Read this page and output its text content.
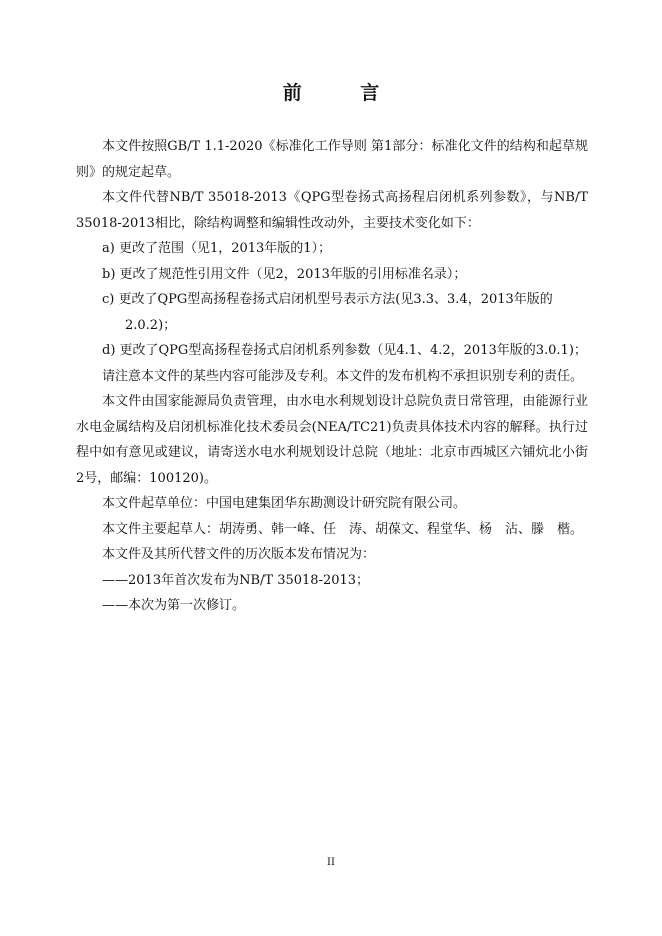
前 言

本文件按照GB/T 1.1-2020《标准化工作导则 第1部分：标准化文件的结构和起草规则》的规定起草。

本文件代替NB/T 35018-2013《QPG型卷扬式高扬程启闭机系列参数》，与NB/T 35018-2013相比，除结构调整和编辑性改动外，主要技术变化如下：

a) 更改了范围（见1，2013年版的1）；

b) 更改了规范性引用文件（见2，2013年版的引用标准名录）；

c) 更改了QPG型高扬程卷扬式启闭机型号表示方法(见3.3、3.4，2013年版的
2.0.2)；

d) 更改了QPG型高扬程卷扬式启闭机系列参数（见4.1、4.2，2013年版的3.0.1)；

请注意本文件的某些内容可能涉及专利。本文件的发布机构不承担识别专利的责任。

本文件由国家能源局负责管理，由水电水利规划设计总院负责日常管理，由能源行业水电金属结构及启闭机标准化技术委员会(NEA/TC21)负责具体技术内容的解释。执行过程中如有意见或建议，请寄送水电水利规划设计总院（地址：北京市西城区六铺炕北小街2号，邮编：100120)。

本文件起草单位：中国电建集团华东勘测设计研究院有限公司。

本文件主要起草人：胡涛勇、韩一峰、任　涛、胡葆文、程堂华、杨　沾、滕　楷。

本文件及其所代替文件的历次版本发布情况为：

——2013年首次发布为NB/T 35018-2013；

——本次为第一次修订。

II
